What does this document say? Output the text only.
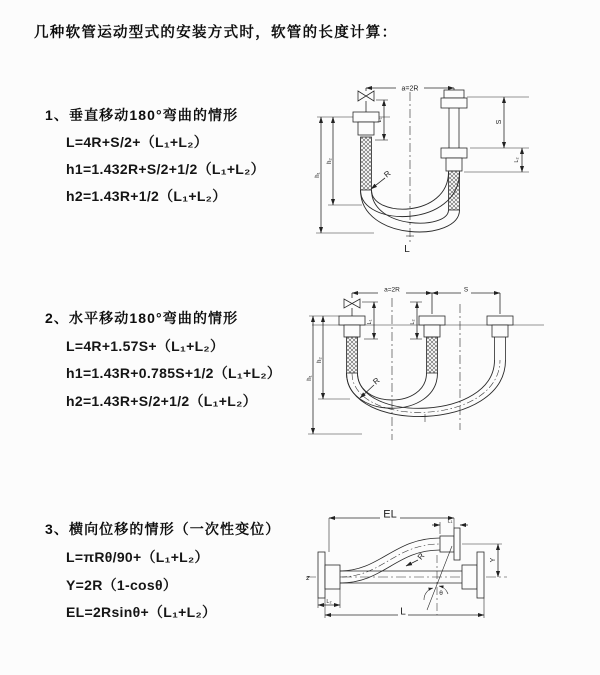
几种软管运动型式的安装方式时，软管的长度计算：
1、垂直移动180°弯曲的情形
L=4R+S/2+（L₁+L₂）
h1=1.432R+S/2+1/2（L₁+L₂）
h2=1.43R+1/2（L₁+L₂）
2、水平移动180°弯曲的情形
L=4R+1.57S+（L₁+L₂）
h1=1.43R+0.785S+1/2（L₁+L₂）
h2=1.43R+S/2+1/2（L₁+L₂）
3、横向位移的情形（一次性变位）
L=πRθ/90+（L₁+L₂）
Y=2R（1-cosθ）
EL=2Rsinθ+（L₁+L₂）
a=2R
S
L₂
L₁
h₂
h₁	R
L
a=2R	S
L₁	L₂
h₂
h₁	R
EL
L₁
Y
R
θ
L
L₂
z
